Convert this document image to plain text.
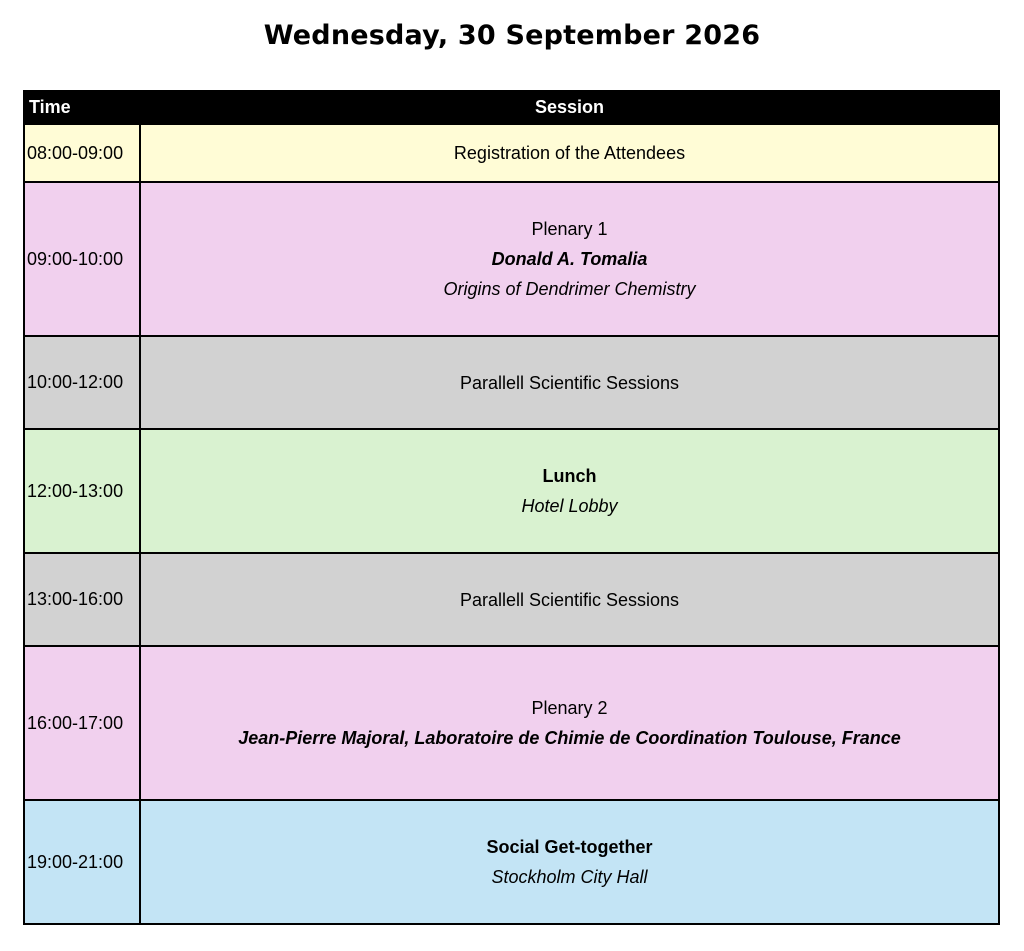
Wednesday, 30 September 2026
Time	Session
08:00-09:00	Registration of the Attendees

09:00-10:00	Plenary 1
Donald A. Tomalia
Origins of Dendrimer Chemistry

10:00-12:00	Parallell Scientific Sessions

12:00-13:00	Lunch
Hotel Lobby

13:00-16:00	Parallell Scientific Sessions

16:00-17:00	Plenary 2
Jean-Pierre Majoral, Laboratoire de Chimie de Coordination Toulouse, France

19:00-21:00	Social Get-together
Stockholm City Hall
